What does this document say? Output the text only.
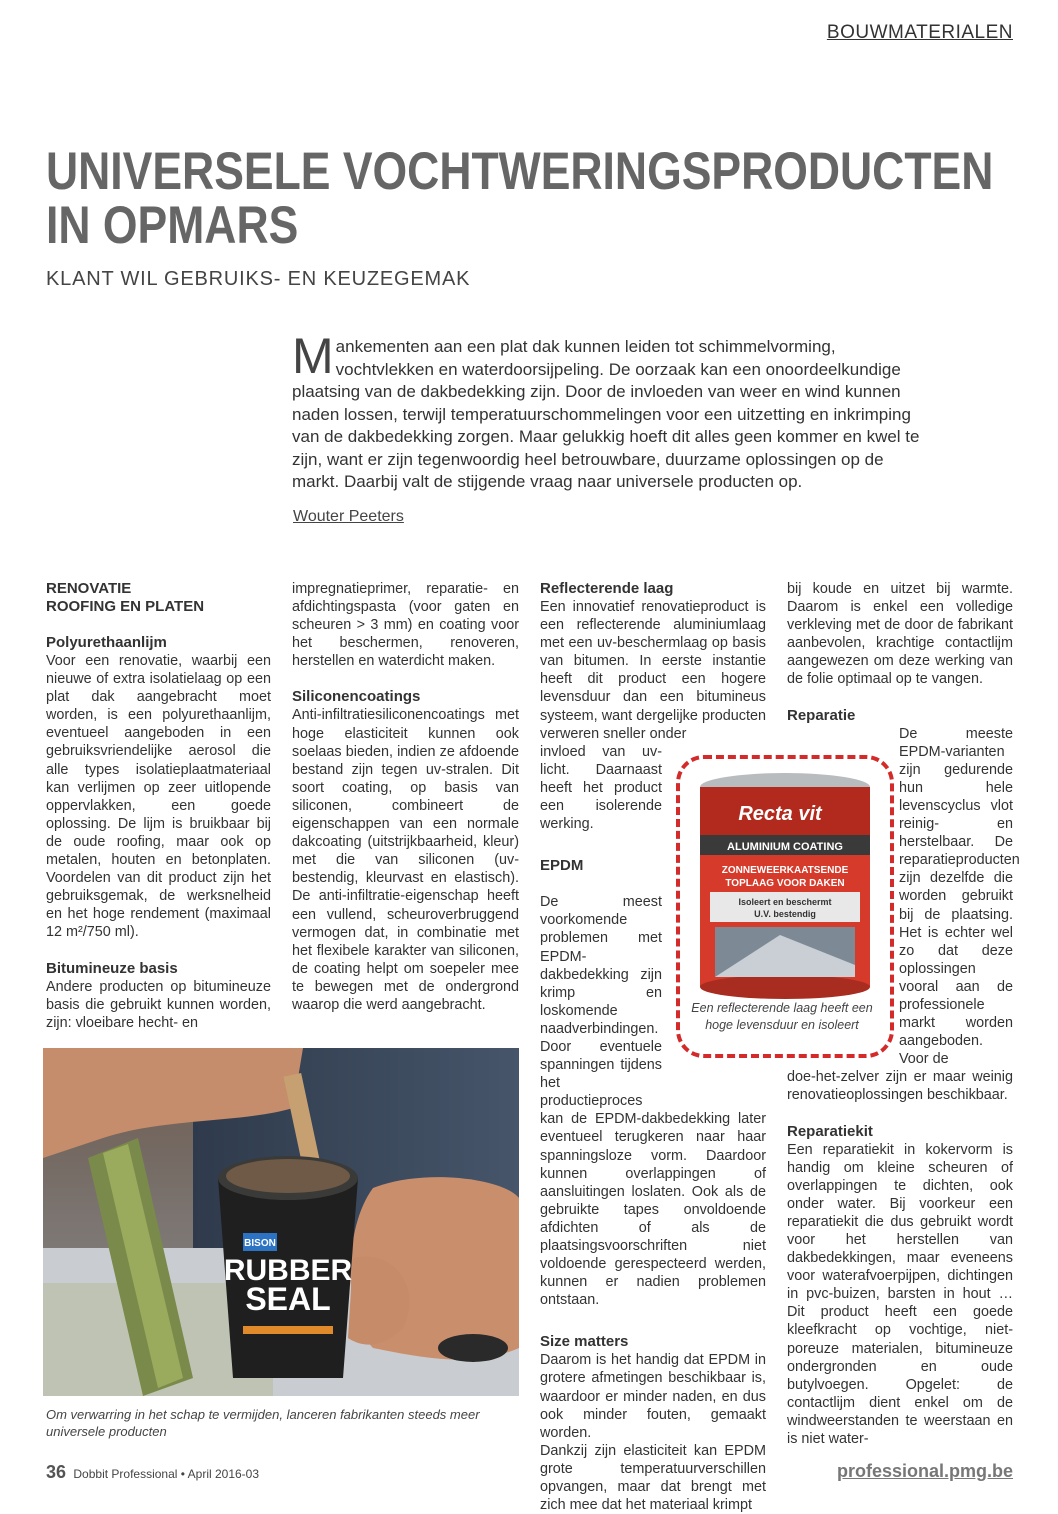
BOUWMATERIALEN
UNIVERSELE VOCHTWERINGSPRODUCTEN
IN OPMARS
KLANT WIL GEBRUIKS- EN KEUZEGEMAK
Mankementen aan een plat dak kunnen leiden tot schimmelvorming, vochtvlekken en waterdoorsijpeling. De oorzaak kan een onoordeelkundige plaatsing van de dakbedekking zijn. Door de invloeden van weer en wind kunnen naden lossen, terwijl temperatuurschommelingen voor een uitzetting en inkrimping van de dakbedekking zorgen. Maar gelukkig hoeft dit alles geen kommer en kwel te zijn, want er zijn tegenwoordig heel betrouwbare, duurzame oplossingen op de markt. Daarbij valt de stijgende vraag naar universele producten op.
Wouter Peeters
RENOVATIE
ROOFING EN PLATEN
Polyurethaanlijm

Voor een renovatie, waarbij een nieuwe of extra isolatielaag op een plat dak aangebracht moet worden, is een polyurethaanlijm, eventueel aangeboden in een gebruiksvriendelijke aerosol die alle types isolatieplaatmateriaal kan verlijmen op zeer uitlopende oppervlakken, een goede oplossing. De lijm is bruikbaar bij de oude roofing, maar ook op metalen, houten en betonplaten. Voordelen van dit product zijn het gebruiksgemak, de werksnelheid en het hoge rendement (maximaal 12 m²/750 ml).

Bitumineuze basis

Andere producten op bitumineuze basis die gebruikt kunnen worden, zijn: vloeibare hecht- en

impregnatieprimer, reparatie- en afdichtingspasta (voor gaten en scheuren > 3 mm) en coating voor het beschermen, renoveren, herstellen en waterdicht maken.

Siliconencoatings

Anti-infiltratiesiliconencoatings met hoge elasticiteit kunnen ook soelaas bieden, indien ze afdoende bestand zijn tegen uv-stralen. Dit soort coating, op basis van siliconen, combineert de eigenschappen van een normale dakcoating (uitstrijkbaarheid, kleur) met die van siliconen (uv-bestendig, kleurvast en elastisch). De anti-infiltratie-eigenschap heeft een vullend, scheuroverbruggend vermogen dat, in combinatie met het flexibele karakter van siliconen, de coating helpt om soepeler mee te bewegen met de ondergrond waarop die werd aangebracht.

Reflecterende laag

Een innovatief renovatieproduct is een reflecterende aluminiumlaag met een uv-beschermlaag op basis van bitumen. In eerste instantie heeft dit product een hogere levensduur dan een bitumineus systeem, want dergelijke producten verweren sneller onder

invloed van uv-licht. Daarnaast heeft het product een isolerende werking.

EPDM

De meest voorkomende problemen met EPDM-dakbedekking zijn krimp en loskomende naadverbindingen.

Door eventuele spanningen tijdens het productieproces

kan de EPDM-dakbedekking later eventueel terugkeren naar haar spanningsloze vorm. Daardoor kunnen overlappingen of aansluitingen loslaten. Ook als de gebruikte tapes onvoldoende afdichten of als de plaatsingsvoorschriften niet voldoende gerespecteerd werden, kunnen er nadien problemen ontstaan.

Size matters

Daarom is het handig dat EPDM in grotere afmetingen beschikbaar is, waardoor er minder naden, en dus ook minder fouten, gemaakt worden.

Dankzij zijn elasticiteit kan EPDM grote temperatuurverschillen opvangen, maar dat brengt met zich mee dat het materiaal krimpt

bij koude en uitzet bij warmte. Daarom is enkel een volledige verkleving met de door de fabrikant aanbevolen, krachtige contactlijm aangewezen om deze werking van de folie optimaal op te vangen.

Reparatie

De meeste EPDM-varianten zijn gedurende hun hele levenscyclus vlot reinig- en herstelbaar. De reparatieproducten zijn dezelfde die worden gebruikt bij de plaatsing. Het is echter wel zo dat deze oplossingen vooral aan de professionele markt worden aangeboden. Voor de

doe-het-zelver zijn er maar weinig renovatieoplossingen beschikbaar.

Reparatiekit

Een reparatiekit in kokervorm is handig om kleine scheuren of overlappingen te dichten, ook onder water. Bij voorkeur een reparatiekit die dus gebruikt wordt voor het herstellen van dakbedekkingen, maar eveneens voor waterafvoerpijpen, dichtingen in pvc-buizen, barsten in hout … Dit product heeft een goede kleefkracht op vochtige, niet-poreuze materialen, bitumineuze ondergronden en oude butylvoegen. Opgelet: de contactlijm dient enkel om de windweerstanden te weerstaan en is niet water-

BISON
RUBBER
SEAL
Om verwarring in het schap te vermijden, lanceren fabrikanten steeds meer universele producten
Recta vit
ALUMINIUM COATING
ZONNEWEERKAATSENDE
TOPLAAG VOOR DAKEN
Isoleert en beschermt
U.V. bestendig
Een reflecterende laag heeft een hoge levensduur en isoleert
36 Dobbit Professional • April 2016-03	professional.pmg.be
